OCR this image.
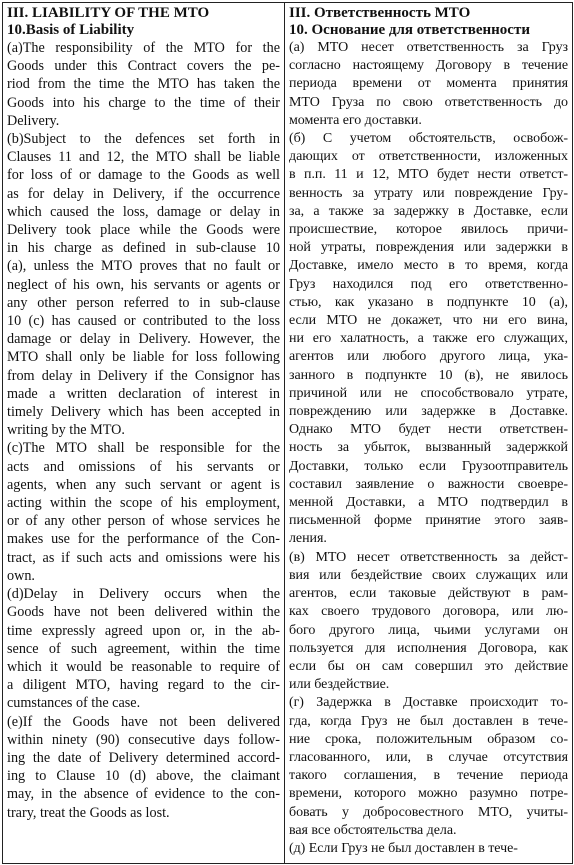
III. LIABILITY OF THE MTO
10.Basis of Liability
(a)The responsibility of the MTO for the
Goods under this Contract covers the pe-
riod from the time the MTO has taken the
Goods into his charge to the time of their
Delivery.
(b)Subject to the defences set forth in
Clauses 11 and 12, the MTO shall be liable
for loss of or damage to the Goods as well
as for delay in Delivery, if the occurrence
which caused the loss, damage or delay in
Delivery took place while the Goods were
in his charge as defined in sub-clause 10
(a), unless the MTO proves that no fault or
neglect of his own, his servants or agents or
any other person referred to in sub-clause
10 (c) has caused or contributed to the loss
damage or delay in Delivery. However, the
MTO shall only be liable for loss following
from delay in Delivery if the Consignor has
made a written declaration of interest in
timely Delivery which has been accepted in
writing by the MTO.
(c)The MTO shall be responsible for the
acts and omissions of his servants or
agents, when any such servant or agent is
acting within the scope of his employment,
or of any other person of whose services he
makes use for the performance of the Con-
tract, as if such acts and omissions were his
own.
(d)Delay in Delivery occurs when the
Goods have not been delivered within the
time expressly agreed upon or, in the ab-
sence of such agreement, within the time
which it would be reasonable to require of
a diligent MTO, having regard to the cir-
cumstances of the case.
(e)If the Goods have not been delivered
within ninety (90) consecutive days follow-
ing the date of Delivery determined accord-
ing to Clause 10 (d) above, the claimant
may, in the absence of evidence to the con-
trary, treat the Goods as lost.

III. Ответственность МТО
10. Основание для ответственности
(а) МТО несет ответственность за Груз
согласно настоящему Договору в течение
периода времени от момента принятия
МТО Груза по свою ответственность до
момента его доставки.
(б) С учетом обстоятельств, освобож-
дающих от ответственности, изложенных
в п.п. 11 и 12, МТО будет нести ответст-
венность за утрату или повреждение Гру-
за, а также за задержку в Доставке, если
происшествие, которое явилось причи-
ной утраты, повреждения или задержки в
Доставке, имело место в то время, когда
Груз находился под его ответственно-
стью, как указано в подпункте 10 (а),
если МТО не докажет, что ни его вина,
ни его халатность, а также его служащих,
агентов или любого другого лица, ука-
занного в подпункте 10 (в), не явилось
причиной или не способствовало утрате,
повреждению или задержке в Доставке.
Однако МТО будет нести ответствен-
ность за убыток, вызванный задержкой
Доставки, только если Грузоотправитель
составил заявление о важности своевре-
менной Доставки, а МТО подтвердил в
письменной форме принятие этого заяв-
ления.
(в) МТО несет ответственность за дейст-
вия или бездействие своих служащих или
агентов, если таковые действуют в рам-
ках своего трудового договора, или лю-
бого другого лица, чьими услугами он
пользуется для исполнения Договора, как
если бы он сам совершил это действие
или бездействие.
(г) Задержка в Доставке происходит то-
гда, когда Груз не был доставлен в тече-
ние срока, положительным образом со-
гласованного, или, в случае отсутствия
такого соглашения, в течение периода
времени, которого можно разумно потре-
бовать у добросовестного МТО, учиты-
вая все обстоятельства дела.
(д) Если Груз не был доставлен в тече-
